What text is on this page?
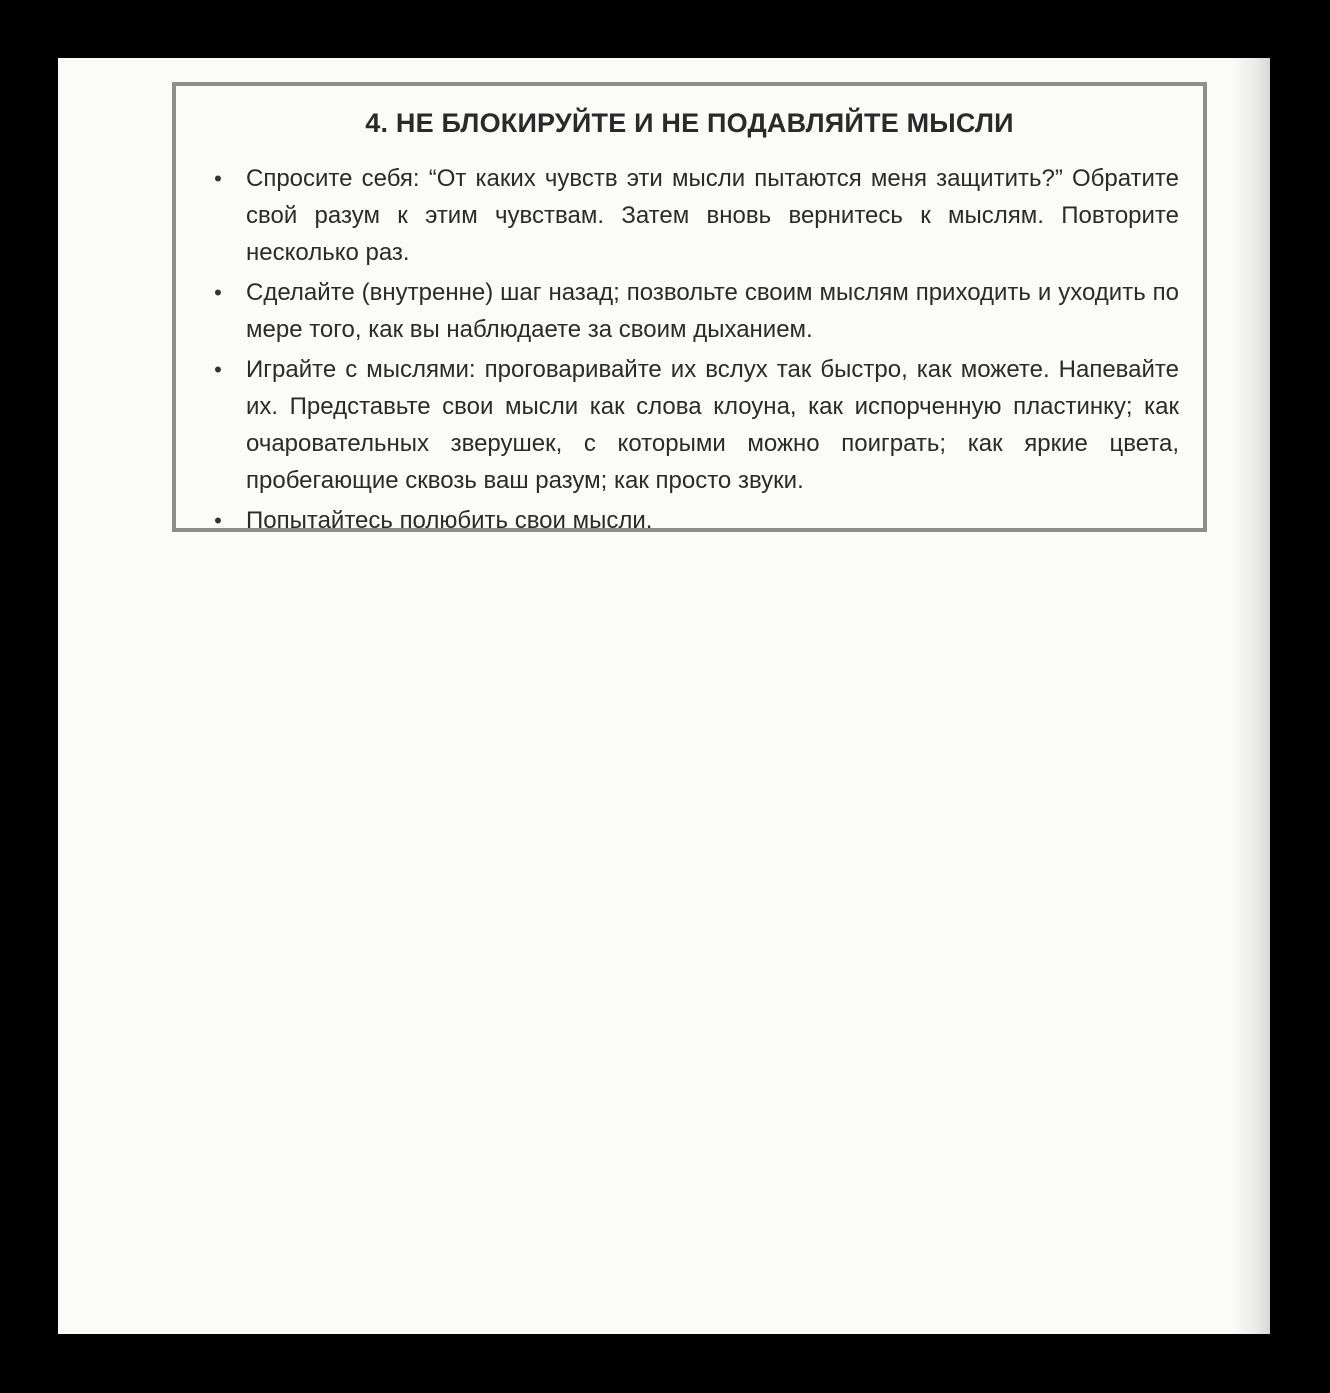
4. НЕ БЛОКИРУЙТЕ И НЕ ПОДАВЛЯЙТЕ МЫСЛИ
• Спросите себя: “От каких чувств эти мысли пытаются меня защитить?” Обратите свой разум к этим чувствам. Затем вновь вернитесь к мыслям. Повторите несколько раз.
• Сделайте (внутренне) шаг назад; позвольте своим мыслям приходить и уходить по мере того, как вы наблюдаете за своим дыханием.
• Играйте с мыслями: проговаривайте их вслух так быстро, как можете. Напевайте их. Представьте свои мысли как слова клоуна, как испорченную пластинку; как очаровательных зверушек, с которыми можно поиграть; как яркие цвета, пробегающие сквозь ваш разум; как просто звуки.
• Попытайтесь полюбить свои мысли.
